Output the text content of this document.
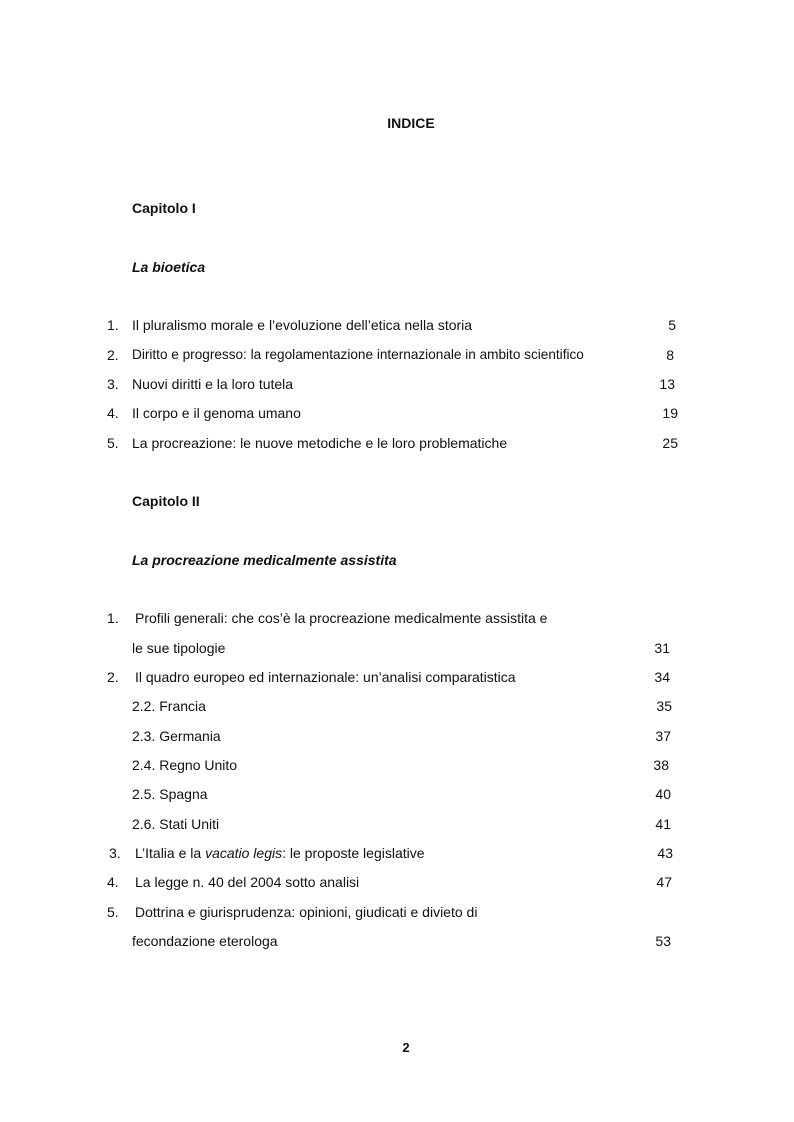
INDICE
Capitolo I
La bioetica
1. Il pluralismo morale e l’evoluzione dell’etica nella storia	5
2. Diritto e progresso: la regolamentazione internazionale in ambito scientifico	8
3. Nuovi diritti e la loro tutela	13
4. Il corpo e il genoma umano	19
5. La procreazione: le nuove metodiche e le loro problematiche	25
Capitolo II
La procreazione medicalmente assistita
1. Profili generali: che cos’è la procreazione medicalmente assistita e
le sue tipologie	31
2. Il quadro europeo ed internazionale: un’analisi comparatistica	34
2.2. Francia	35
2.3. Germania	37
2.4. Regno Unito	38
2.5. Spagna	40
2.6. Stati Uniti	41
3. L’Italia e la vacatio legis: le proposte legislative	43
4. La legge n. 40 del 2004 sotto analisi	47
5. Dottrina e giurisprudenza: opinioni, giudicati e divieto di
fecondazione eterologa	53
2
